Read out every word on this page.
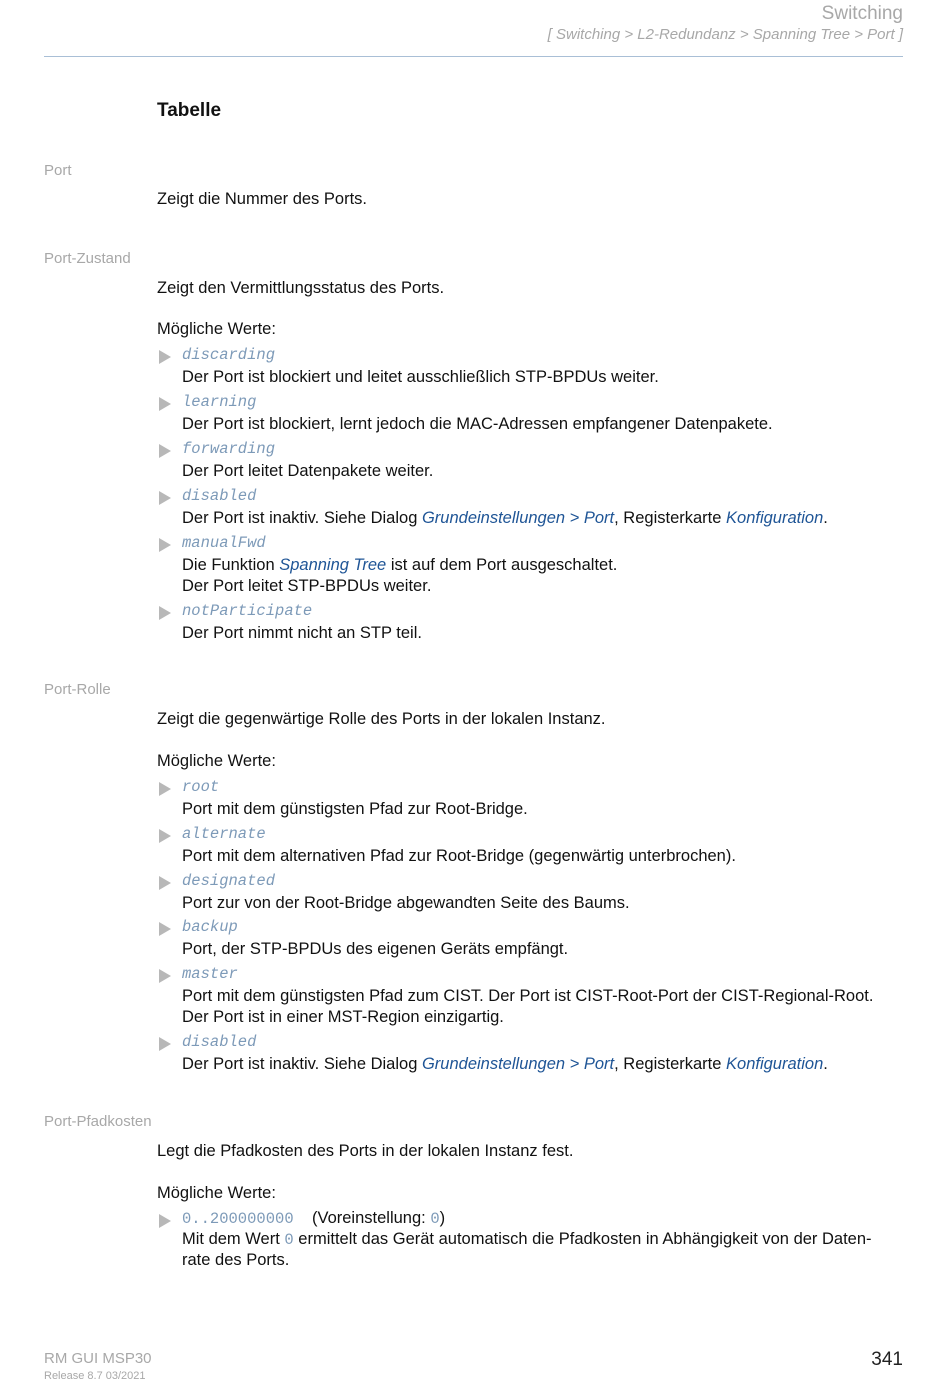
Switching
[ Switching > L2-Redundanz > Spanning Tree > Port ]
Tabelle
Port
Zeigt die Nummer des Ports.
Port-Zustand
Zeigt den Vermittlungsstatus des Ports.
Mögliche Werte:
discarding
Der Port ist blockiert und leitet ausschließlich STP-BPDUs weiter.
learning
Der Port ist blockiert, lernt jedoch die MAC-Adressen empfangener Datenpakete.
forwarding
Der Port leitet Datenpakete weiter.
disabled
Der Port ist inaktiv. Siehe Dialog Grundeinstellungen > Port, Registerkarte Konfiguration.
manualFwd
Die Funktion Spanning Tree ist auf dem Port ausgeschaltet.
Der Port leitet STP-BPDUs weiter.
notParticipate
Der Port nimmt nicht an STP teil.
Port-Rolle
Zeigt die gegenwärtige Rolle des Ports in der lokalen Instanz.
Mögliche Werte:
root
Port mit dem günstigsten Pfad zur Root-Bridge.
alternate
Port mit dem alternativen Pfad zur Root-Bridge (gegenwärtig unterbrochen).
designated
Port zur von der Root-Bridge abgewandten Seite des Baums.
backup
Port, der STP-BPDUs des eigenen Geräts empfängt.
master
Port mit dem günstigsten Pfad zum CIST. Der Port ist CIST-Root-Port der CIST-Regional-Root.
Der Port ist in einer MST-Region einzigartig.
disabled
Der Port ist inaktiv. Siehe Dialog Grundeinstellungen > Port, Registerkarte Konfiguration.
Port-Pfadkosten
Legt die Pfadkosten des Ports in der lokalen Instanz fest.
Mögliche Werte:
0..200000000 (Voreinstellung: 0)
Mit dem Wert 0 ermittelt das Gerät automatisch die Pfadkosten in Abhängigkeit von der Daten-
rate des Ports.
RM GUI MSP30
Release 8.7 03/2021
341
